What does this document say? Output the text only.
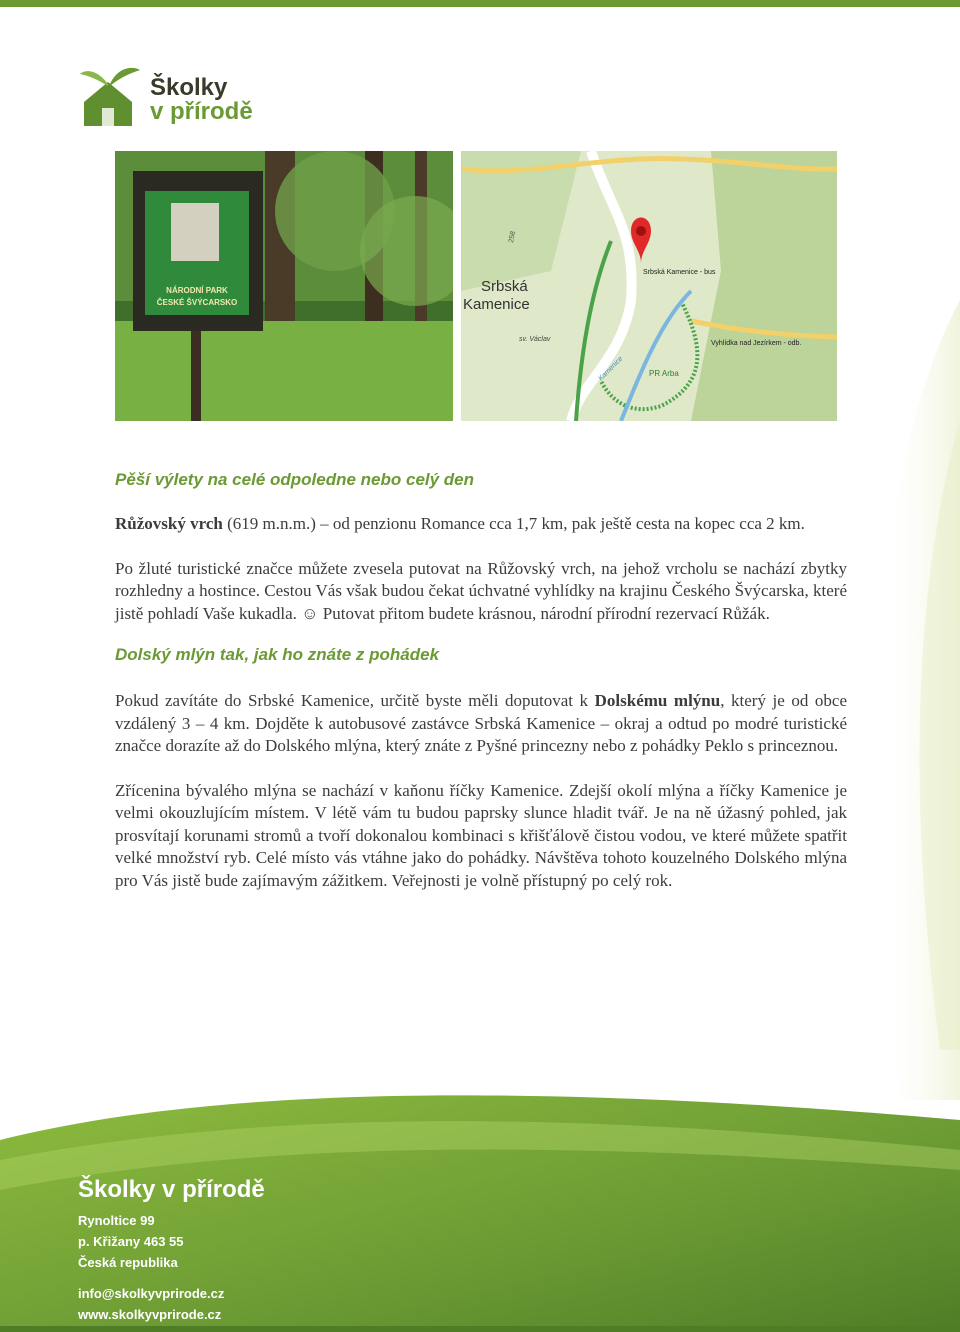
Školky
v přírodě
NÁRODNÍ PARK
ČESKÉ ŠVÝCARSKO
Srbská
Kamenice
Srbská Kamenice - bus
Vyhlídka nad Jezírkem - odb.
sv. Václav
PR Arba
Kamenice
258
Pěší výlety na celé odpoledne nebo celý den

Růžovský vrch (619 m.n.m.) – od penzionu Romance cca 1,7 km, pak ještě cesta na kopec cca 2 km.

Po žluté turistické značce můžete zvesela putovat na Růžovský vrch, na jehož vrcholu se nachází zbytky rozhledny a hostince. Cestou Vás však budou čekat úchvatné vyhlídky na krajinu Českého Švýcarska, které jistě pohladí Vaše kukadla. ☺ Putovat přitom budete krásnou, národní přírodní rezervací Růžák.

Dolský mlýn tak, jak ho znáte z pohádek

Pokud zavítáte do Srbské Kamenice, určitě byste měli doputovat k Dolskému mlýnu, který je od obce vzdálený 3 – 4 km. Dojděte k autobusové zastávce Srbská Kamenice – okraj a odtud po modré turistické značce dorazíte až do Dolského mlýna, který znáte z Pyšné princezny nebo z pohádky Peklo s princeznou.

Zřícenina bývalého mlýna se nachází v kaňonu říčky Kamenice. Zdejší okolí mlýna a říčky Kamenice je velmi okouzlujícím místem. V létě vám tu budou paprsky slunce hladit tvář. Je na ně úžasný pohled, jak prosvítají korunami stromů a tvoří dokonalou kombinaci s křišťálově čistou vodou, ve které můžete spatřit velké množství ryb. Celé místo vás vtáhne jako do pohádky. Návštěva tohoto kouzelného Dolského mlýna pro Vás jistě bude zajímavým zážitkem. Veřejnosti je volně přístupný po celý rok.

Školky v přírodě
Rynoltice 99
p. Křižany 463 55
Česká republika
info@skolkyvprirode.cz
www.skolkyvprirode.cz
